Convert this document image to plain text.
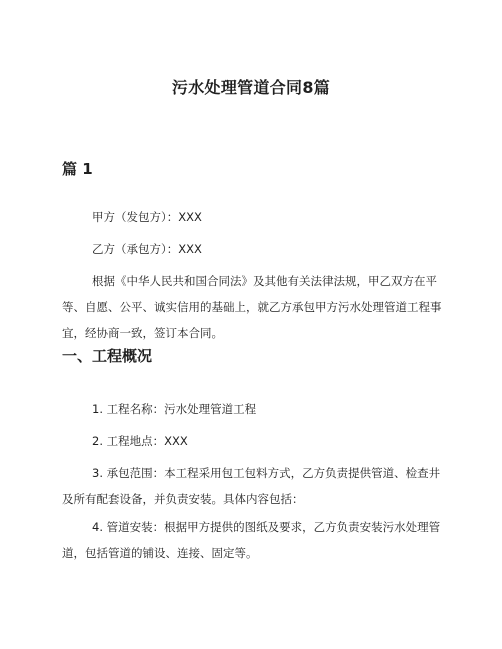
污水处理管道合同8篇
篇 1

甲方（发包方）：XXX

乙方（承包方）：XXX

根据《中华人民共和国合同法》及其他有关法律法规，甲乙双方在平等、自愿、公平、诚实信用的基础上，就乙方承包甲方污水处理管道工程事宜，经协商一致，签订本合同。

一、工程概况

1. 工程名称：污水处理管道工程

2. 工程地点：XXX

3. 承包范围：本工程采用包工包料方式，乙方负责提供管道、检查井及所有配套设备，并负责安装。具体内容包括：

4. 管道安装：根据甲方提供的图纸及要求，乙方负责安装污水处理管道，包括管道的铺设、连接、固定等。
